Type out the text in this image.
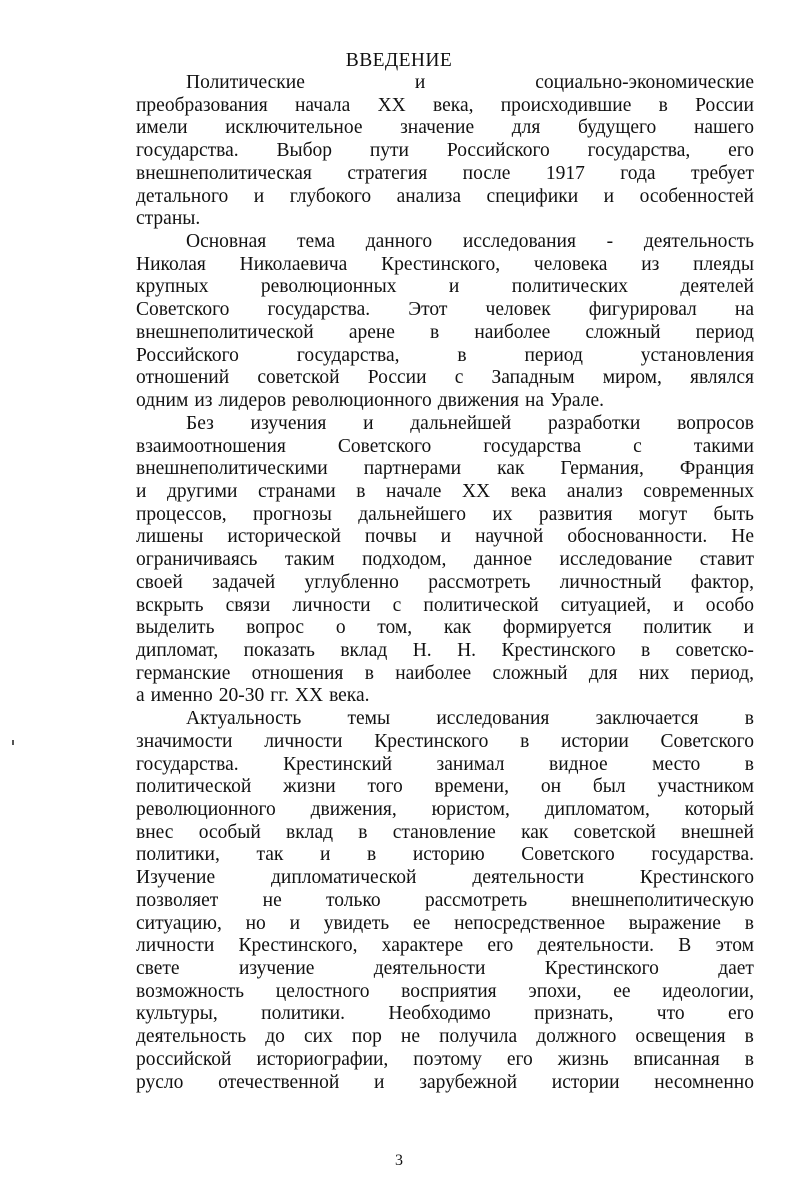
ВВЕДЕНИЕ
Политические	и	социально-экономические
преобразования начала XX века, происходившие в России
имели исключительное значение для будущего нашего
государства. Выбор пути Российского государства, его
внешнеполитическая стратегия после 1917 года требует
детального и глубокого анализа специфики и особенностей
страны.
Основная тема данного исследования - деятельность
Николая Николаевича Крестинского, человека из плеяды
крупных	революционных	и	политических	деятелей
Советского государства. Этот человек фигурировал на
внешнеполитической арене в наиболее сложный период
Российского	государства,	в	период	установления
отношений советской России с Западным миром, являлся
одним из лидеров революционного движения на Урале.
Без изучения и дальнейшей разработки вопросов
взаимоотношения	Советского	государства	с	такими
внешнеполитическими партнерами как Германия, Франция
и другими странами в начале XX века анализ современных
процессов, прогнозы дальнейшего их развития могут быть
лишены исторической почвы и научной обоснованности. Не
ограничиваясь таким подходом, данное исследование ставит
своей задачей углубленно рассмотреть личностный фактор,
вскрыть связи личности с политической ситуацией, и особо
выделить вопрос о том, как формируется политик и
дипломат, показать вклад Н. Н. Крестинского в советско-
германские отношения в наиболее сложный для них период,
а именно 20-30 гг. XX века.
Актуальность темы исследования заключается в
значимости личности Крестинского в истории Советского
государства. Крестинский занимал видное место в
политической жизни того времени, он был участником
революционного движения, юристом, дипломатом, который
внес особый вклад в становление как советской внешней
политики, так и в историю Советского государства.
Изучение	дипломатической	деятельности	Крестинского
позволяет не только рассмотреть внешнеполитическую
ситуацию, но и увидеть ее непосредственное выражение в
личности Крестинского, характере его деятельности. В этом
свете	изучение	деятельности	Крестинского	дает
возможность целостного восприятия эпохи, ее идеологии,
культуры, политики. Необходимо признать, что его
деятельность до сих пор не получила должного освещения в
российской историографии, поэтому его жизнь вписанная в
русло отечественной и зарубежной истории несомненно
3
